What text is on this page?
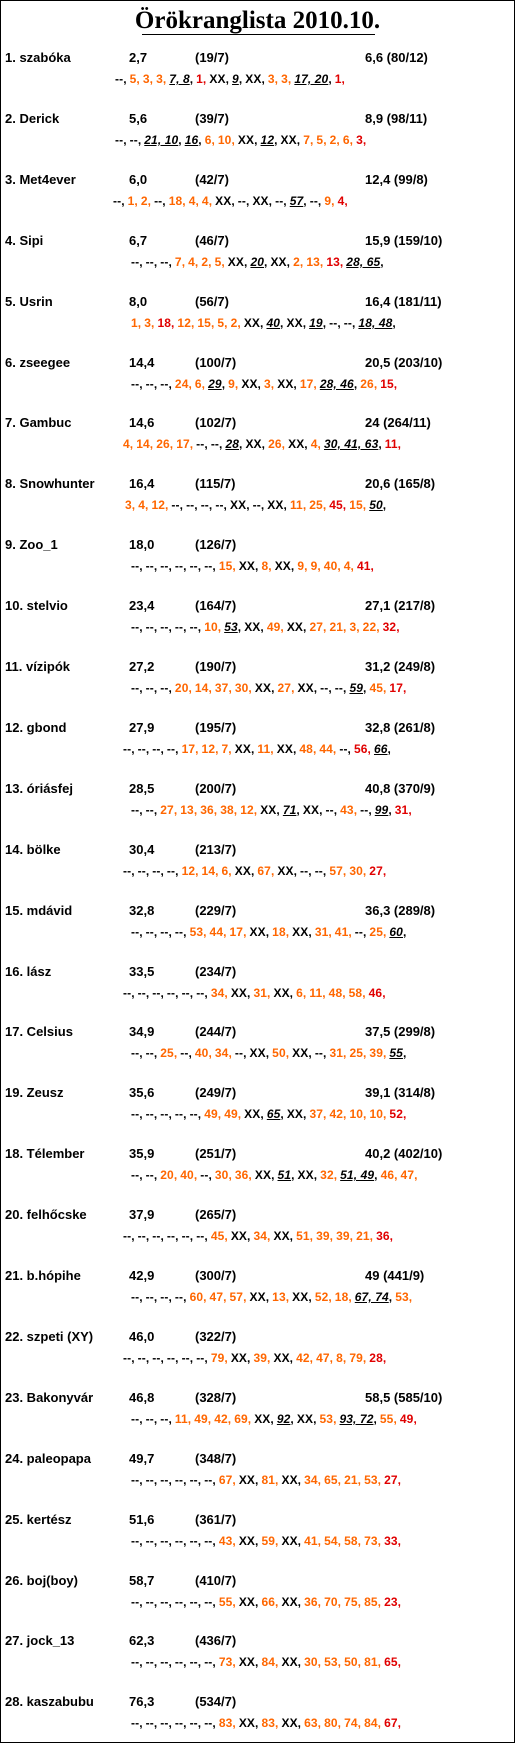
Örökranglista 2010.10.
1. szabóka	2,7	(19/7)	6,6 (80/12)
--, 5, 3, 3, 7, 8, 1, XX, 9, XX, 3, 3, 17, 20, 1,
2. Derick	5,6	(39/7)	8,9 (98/11)
--, --, 21, 10, 16, 6, 10, XX, 12, XX, 7, 5, 2, 6, 3,
3. Met4ever	6,0	(42/7)	12,4 (99/8)
--, 1, 2, --, 18, 4, 4, XX, --, XX, --, 57, --, 9, 4,
4. Sipi	6,7	(46/7)	15,9 (159/10)
--, --, --, 7, 4, 2, 5, XX, 20, XX, 2, 13, 13, 28, 65,
5. Usrin	8,0	(56/7)	16,4 (181/11)
1, 3, 18, 12, 15, 5, 2, XX, 40, XX, 19, --, --, 18, 48,
6. zseegee	14,4	(100/7)	20,5 (203/10)
--, --, --, 24, 6, 29, 9, XX, 3, XX, 17, 28, 46, 26, 15,
7. Gambuc	14,6	(102/7)	24 (264/11)
4, 14, 26, 17, --, --, 28, XX, 26, XX, 4, 30, 41, 63, 11,
8. Snowhunter	16,4	(115/7)	20,6 (165/8)
3, 4, 12, --, --, --, --, XX, --, XX, 11, 25, 45, 15, 50,
9. Zoo_1	18,0	(126/7)
--, --, --, --, --, --, 15, XX, 8, XX, 9, 9, 40, 4, 41,
10. stelvio	23,4	(164/7)	27,1 (217/8)
--, --, --, --, --, 10, 53, XX, 49, XX, 27, 21, 3, 22, 32,
11. vízipók	27,2	(190/7)	31,2 (249/8)
--, --, --, 20, 14, 37, 30, XX, 27, XX, --, --, 59, 45, 17,
12. gbond	27,9	(195/7)	32,8 (261/8)
--, --, --, --, 17, 12, 7, XX, 11, XX, 48, 44, --, 56, 66,
13. óriásfej	28,5	(200/7)	40,8 (370/9)
--, --, 27, 13, 36, 38, 12, XX, 71, XX, --, 43, --, 99, 31,
14. bölke	30,4	(213/7)
--, --, --, --, 12, 14, 6, XX, 67, XX, --, --, 57, 30, 27,
15. mdávid	32,8	(229/7)	36,3 (289/8)
--, --, --, --, 53, 44, 17, XX, 18, XX, 31, 41, --, 25, 60,
16. lász	33,5	(234/7)
--, --, --, --, --, --, 34, XX, 31, XX, 6, 11, 48, 58, 46,
17. Celsius	34,9	(244/7)	37,5 (299/8)
--, --, 25, --, 40, 34, --, XX, 50, XX, --, 31, 25, 39, 55,
19. Zeusz	35,6	(249/7)	39,1 (314/8)
--, --, --, --, --, 49, 49, XX, 65, XX, 37, 42, 10, 10, 52,
18. Télember	35,9	(251/7)	40,2 (402/10)
--, --, 20, 40, --, 30, 36, XX, 51, XX, 32, 51, 49, 46, 47,
20. felhőcske	37,9	(265/7)
--, --, --, --, --, --, 45, XX, 34, XX, 51, 39, 39, 21, 36,
21. b.hópihe	42,9	(300/7)	49 (441/9)
--, --, --, --, 60, 47, 57, XX, 13, XX, 52, 18, 67, 74, 53,
22. szpeti (XY)	46,0	(322/7)
--, --, --, --, --, --, 79, XX, 39, XX, 42, 47, 8, 79, 28,
23. Bakonyvár	46,8	(328/7)	58,5 (585/10)
--, --, --, 11, 49, 42, 69, XX, 92, XX, 53, 93, 72, 55, 49,
24. paleopapa	49,7	(348/7)
--, --, --, --, --, --, 67, XX, 81, XX, 34, 65, 21, 53, 27,
25. kertész	51,6	(361/7)
--, --, --, --, --, --, 43, XX, 59, XX, 41, 54, 58, 73, 33,
26. boj(boy)	58,7	(410/7)
--, --, --, --, --, --, 55, XX, 66, XX, 36, 70, 75, 85, 23,
27. jock_13	62,3	(436/7)
--, --, --, --, --, --, 73, XX, 84, XX, 30, 53, 50, 81, 65,
28. kaszabubu	76,3	(534/7)
--, --, --, --, --, --, 83, XX, 83, XX, 63, 80, 74, 84, 67,
